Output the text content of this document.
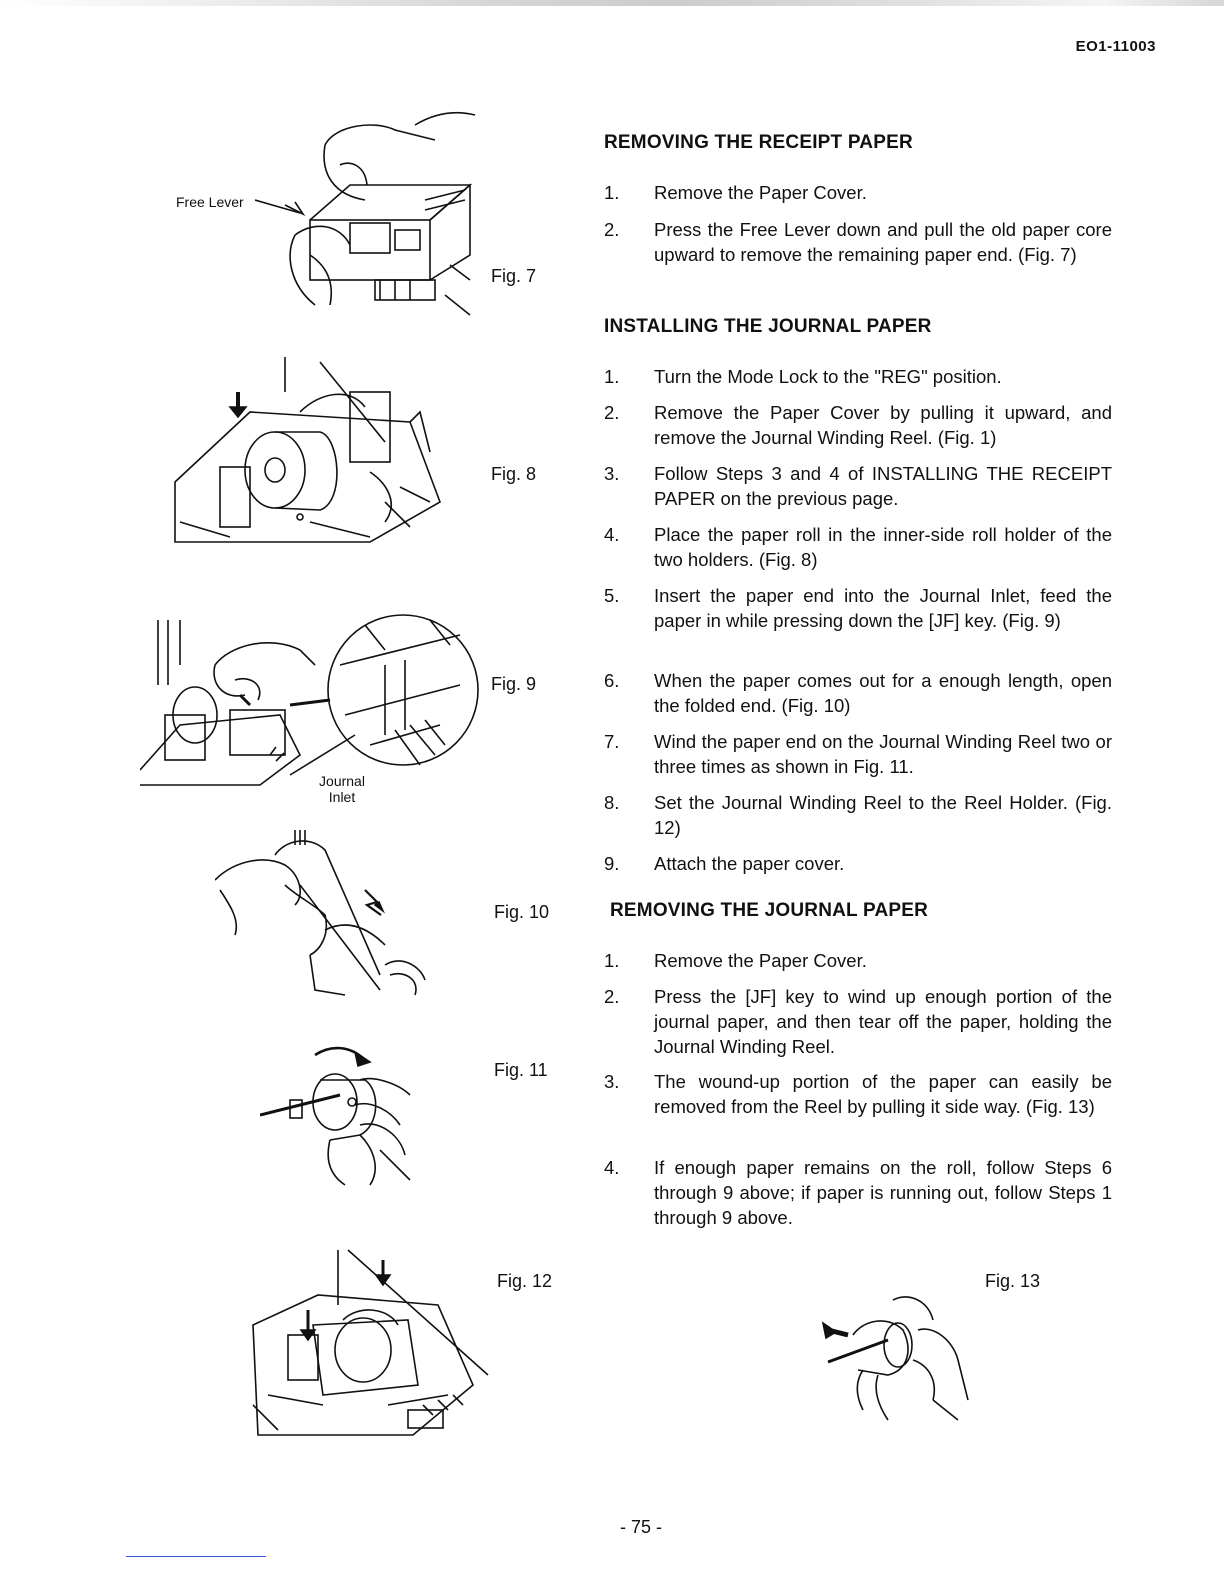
EO1-11003
Free Lever
Fig. 7
Fig. 8
Journal
Inlet
Fig. 9
Fig. 10
Fig. 11
Fig. 12	Fig. 13
REMOVING THE RECEIPT PAPER
1.	Remove the Paper Cover.
2.	Press the Free Lever down and pull the old paper core upward to remove the remaining paper end. (Fig. 7)
INSTALLING THE JOURNAL PAPER
1.	Turn the Mode Lock to the "REG" position.
2.	Remove the Paper Cover by pulling it upward, and remove the Journal Winding Reel. (Fig. 1)
3.	Follow Steps 3 and 4 of INSTALLING THE RECEIPT PAPER on the previous page.
4.	Place the paper roll in the inner-side roll holder of the two holders. (Fig. 8)
5.	Insert the paper end into the Journal Inlet, feed the paper in while pressing down the [JF] key. (Fig. 9)
6.	When the paper comes out for a enough length, open the folded end. (Fig. 10)
7.	Wind the paper end on the Journal Winding Reel two or three times as shown in Fig. 11.
8.	Set the Journal Winding Reel to the Reel Holder. (Fig. 12)
9.	Attach the paper cover.
REMOVING THE JOURNAL PAPER
1.	Remove the Paper Cover.
2.	Press the [JF] key to wind up enough portion of the journal paper, and then tear off the paper, holding the Journal Winding Reel.
3.	The wound-up portion of the paper can easily be removed from the Reel by pulling it side way. (Fig. 13)
4.	If enough paper remains on the roll, follow Steps 6 through 9 above; if paper is running out, follow Steps 1 through 9 above.
- 75 -
